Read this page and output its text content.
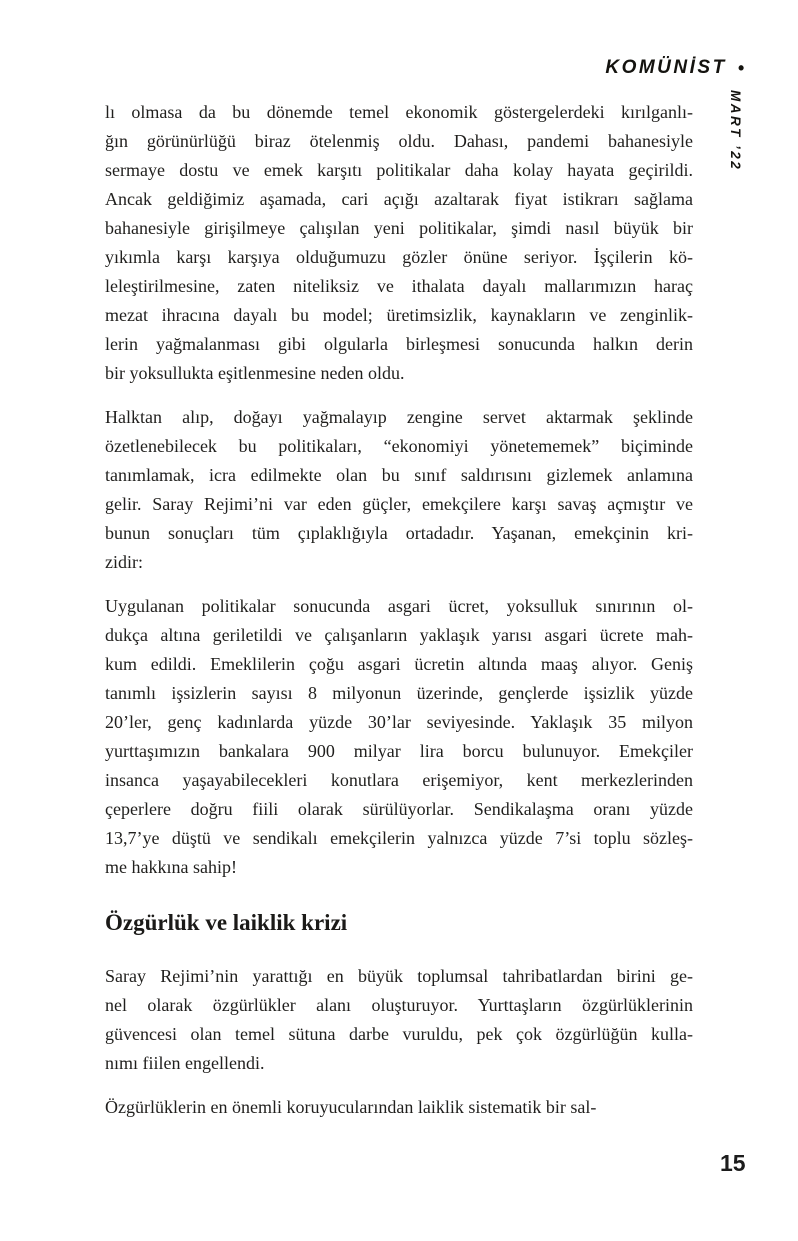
KOMÜNİST •
MART ’22
lı olmasa da bu dönemde temel ekonomik göstergelerdeki kırılganlı-
ğın görünürlüğü biraz ötelenmiş oldu. Dahası, pandemi bahanesiyle
sermaye dostu ve emek karşıtı politikalar daha kolay hayata geçirildi.
Ancak geldiğimiz aşamada, cari açığı azaltarak fiyat istikrarı sağlama
bahanesiyle girişilmeye çalışılan yeni politikalar, şimdi nasıl büyük bir
yıkımla karşı karşıya olduğumuzu gözler önüne seriyor. İşçilerin kö-
leleştirilmesine, zaten niteliksiz ve ithalata dayalı mallarımızın haraç
mezat ihracına dayalı bu model; üretimsizlik, kaynakların ve zenginlik-
lerin yağmalanması gibi olgularla birleşmesi sonucunda halkın derin
bir yoksullukta eşitlenmesine neden oldu.
Halktan alıp, doğayı yağmalayıp zengine servet aktarmak şeklinde
özetlenebilecek bu politikaları, “ekonomiyi yönetememek” biçiminde
tanımlamak, icra edilmekte olan bu sınıf saldırısını gizlemek anlamına
gelir. Saray Rejimi’ni var eden güçler, emekçilere karşı savaş açmıştır ve
bunun sonuçları tüm çıplaklığıyla ortadadır. Yaşanan, emekçinin kri-
zidir:
Uygulanan politikalar sonucunda asgari ücret, yoksulluk sınırının ol-
dukça altına geriletildi ve çalışanların yaklaşık yarısı asgari ücrete mah-
kum edildi. Emeklilerin çoğu asgari ücretin altında maaş alıyor. Geniş
tanımlı işsizlerin sayısı 8 milyonun üzerinde, gençlerde işsizlik yüzde
20’ler, genç kadınlarda yüzde 30’lar seviyesinde. Yaklaşık 35 milyon
yurttaşımızın bankalara 900 milyar lira borcu bulunuyor. Emekçiler
insanca yaşayabilecekleri konutlara erişemiyor, kent merkezlerinden
çeperlere doğru fiili olarak sürülüyorlar. Sendikalaşma oranı yüzde
13,7’ye düştü ve sendikalı emekçilerin yalnızca yüzde 7’si toplu sözleş-
me hakkına sahip!
Özgürlük ve laiklik krizi
Saray Rejimi’nin yarattığı en büyük toplumsal tahribatlardan birini ge-
nel olarak özgürlükler alanı oluşturuyor. Yurttaşların özgürlüklerinin
güvencesi olan temel sütuna darbe vuruldu, pek çok özgürlüğün kulla-
nımı fiilen engellendi.
Özgürlüklerin en önemli koruyucularından laiklik sistematik bir sal-
15
